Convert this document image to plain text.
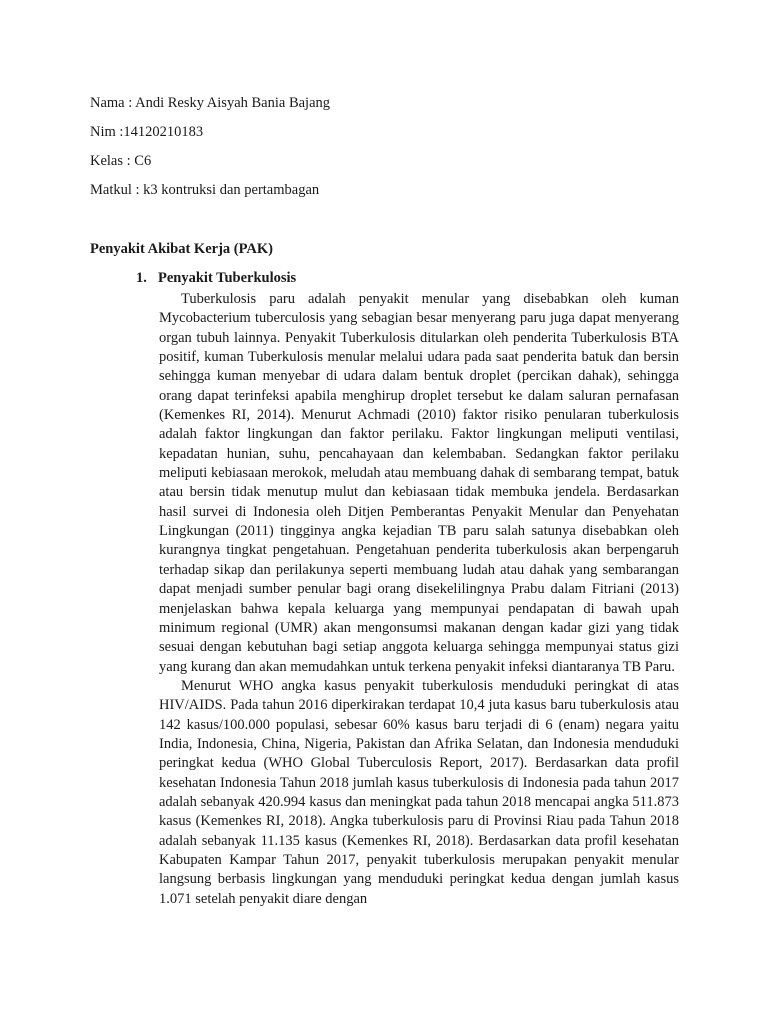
Nama : Andi Resky Aisyah Bania Bajang
Nim :14120210183
Kelas : C6
Matkul : k3 kontruksi dan pertambagan
Penyakit Akibat Kerja (PAK)
1. Penyakit Tuberkulosis

Tuberkulosis paru adalah penyakit menular yang disebabkan oleh kuman Mycobacterium tuberculosis yang sebagian besar menyerang paru juga dapat menyerang organ tubuh lainnya. Penyakit Tuberkulosis ditularkan oleh penderita Tuberkulosis BTA positif, kuman Tuberkulosis menular melalui udara pada saat penderita batuk dan bersin sehingga kuman menyebar di udara dalam bentuk droplet (percikan dahak), sehingga orang dapat terinfeksi apabila menghirup droplet tersebut ke dalam saluran pernafasan (Kemenkes RI, 2014). Menurut Achmadi (2010) faktor risiko penularan tuberkulosis adalah faktor lingkungan dan faktor perilaku. Faktor lingkungan meliputi ventilasi, kepadatan hunian, suhu, pencahayaan dan kelembaban. Sedangkan faktor perilaku meliputi kebiasaan merokok, meludah atau membuang dahak di sembarang tempat, batuk atau bersin tidak menutup mulut dan kebiasaan tidak membuka jendela. Berdasarkan hasil survei di Indonesia oleh Ditjen Pemberantas Penyakit Menular dan Penyehatan Lingkungan (2011) tingginya angka kejadian TB paru salah satunya disebabkan oleh kurangnya tingkat pengetahuan. Pengetahuan penderita tuberkulosis akan berpengaruh terhadap sikap dan perilakunya seperti membuang ludah atau dahak yang sembarangan dapat menjadi sumber penular bagi orang disekelilingnya Prabu dalam Fitriani (2013) menjelaskan bahwa kepala keluarga yang mempunyai pendapatan di bawah upah minimum regional (UMR) akan mengonsumsi makanan dengan kadar gizi yang tidak sesuai dengan kebutuhan bagi setiap anggota keluarga sehingga mempunyai status gizi yang kurang dan akan memudahkan untuk terkena penyakit infeksi diantaranya TB Paru.

Menurut WHO angka kasus penyakit tuberkulosis menduduki peringkat di atas HIV/AIDS. Pada tahun 2016 diperkirakan terdapat 10,4 juta kasus baru tuberkulosis atau 142 kasus/100.000 populasi, sebesar 60% kasus baru terjadi di 6 (enam) negara yaitu India, Indonesia, China, Nigeria, Pakistan dan Afrika Selatan, dan Indonesia menduduki peringkat kedua (WHO Global Tuberculosis Report, 2017). Berdasarkan data profil kesehatan Indonesia Tahun 2018 jumlah kasus tuberkulosis di Indonesia pada tahun 2017 adalah sebanyak 420.994 kasus dan meningkat pada tahun 2018 mencapai angka 511.873 kasus (Kemenkes RI, 2018). Angka tuberkulosis paru di Provinsi Riau pada Tahun 2018 adalah sebanyak 11.135 kasus (Kemenkes RI, 2018). Berdasarkan data profil kesehatan Kabupaten Kampar Tahun 2017, penyakit tuberkulosis merupakan penyakit menular langsung berbasis lingkungan yang menduduki peringkat kedua dengan jumlah kasus 1.071 setelah penyakit diare dengan
